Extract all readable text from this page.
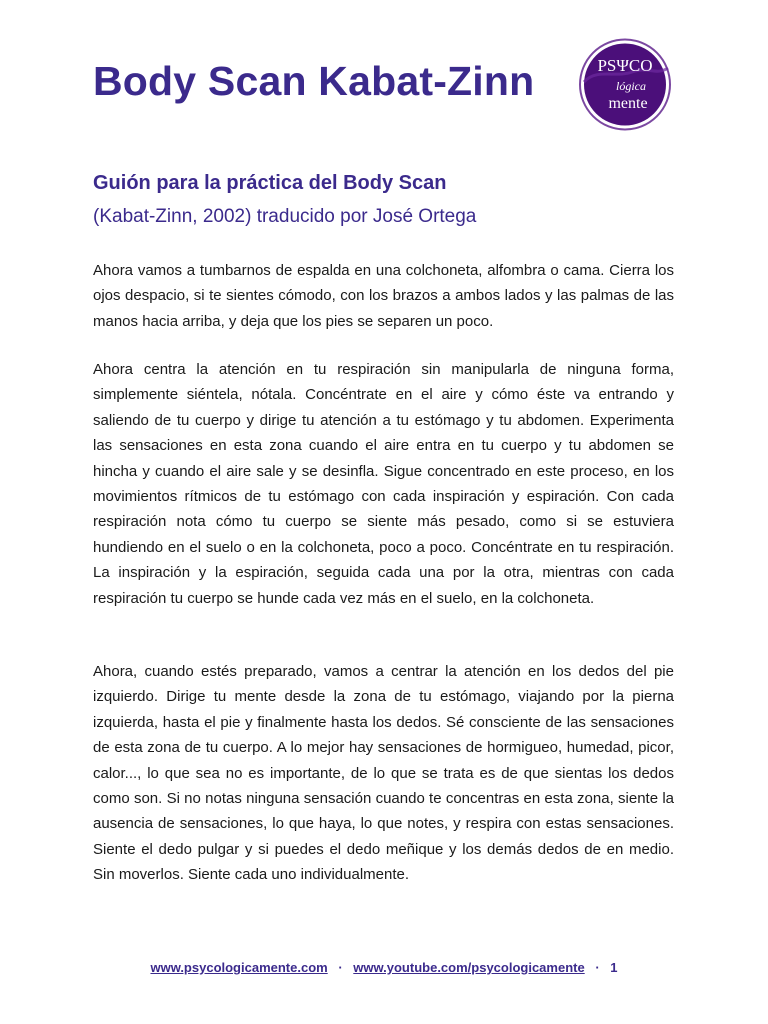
Body Scan Kabat-Zinn	PSΨCO
lógica
mente
Guión para la práctica del Body Scan

(Kabat-Zinn, 2002) traducido por José Ortega

Ahora vamos a tumbarnos de espalda en una colchoneta, alfombra o cama. Cierra los ojos despacio, si te sientes cómodo, con los brazos a ambos lados y las palmas de las manos hacia arriba, y deja que los pies se separen un poco.

Ahora centra la atención en tu respiración sin manipularla de ninguna forma, simplemente siéntela, nótala. Concéntrate en el aire y cómo éste va entrando y saliendo de tu cuerpo y dirige tu atención a tu estómago y tu abdomen. Experimenta las sensaciones en esta zona cuando el aire entra en tu cuerpo y tu abdomen se hincha y cuando el aire sale y se desinfla. Sigue concentrado en este proceso, en los movimientos rítmicos de tu estómago con cada inspiración y espiración. Con cada respiración nota cómo tu cuerpo se siente más pesado, como si se estuviera hundiendo en el suelo o en la colchoneta, poco a poco. Concéntrate en tu respiración. La inspiración y la espiración, seguida cada una por la otra, mientras con cada respiración tu cuerpo se hunde cada vez más en el suelo, en la colchoneta.

Ahora, cuando estés preparado, vamos a centrar la atención en los dedos del pie izquierdo. Dirige tu mente desde la zona de tu estómago, viajando por la pierna izquierda, hasta el pie y finalmente hasta los dedos. Sé consciente de las sensaciones de esta zona de tu cuerpo. A lo mejor hay sensaciones de hormigueo, humedad, picor, calor..., lo que sea no es importante, de lo que se trata es de que sientas los dedos como son. Si no notas ninguna sensación cuando te concentras en esta zona, siente la ausencia de sensaciones, lo que haya, lo que notes, y respira con estas sensaciones. Siente el dedo pulgar y si puedes el dedo meñique y los demás dedos de en medio. Sin moverlos. Siente cada uno individualmente.

www.psycologicamente.com · www.youtube.com/psycologicamente · 1
